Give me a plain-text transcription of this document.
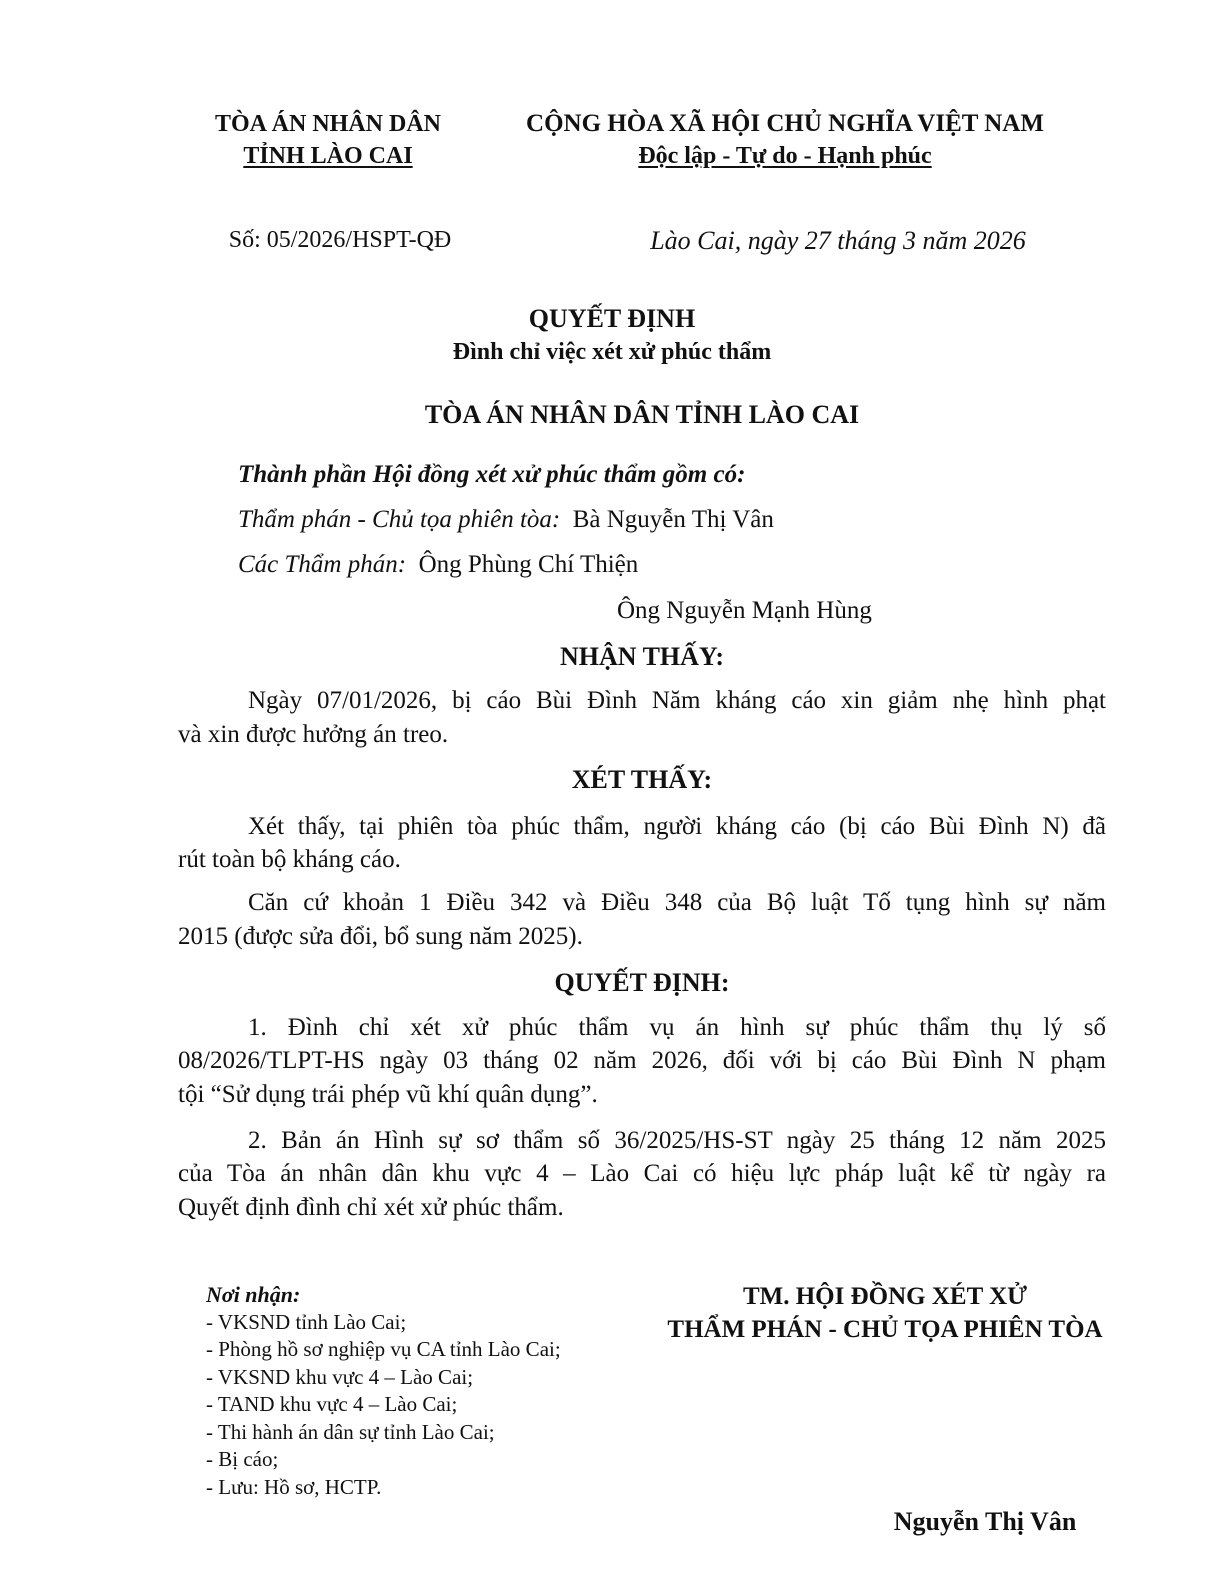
TÒA ÁN NHÂN DÂN
TỈNH LÀO CAI
CỘNG HÒA XÃ HỘI CHỦ NGHĨA VIỆT NAM
Độc lập - Tự do - Hạnh phúc
Số: 05/2026/HSPT-QĐ	Lào Cai, ngày 27 tháng 3 năm 2026
QUYẾT ĐỊNH
Đình chỉ việc xét xử phúc thẩm
TÒA ÁN NHÂN DÂN TỈNH LÀO CAI
Thành phần Hội đồng xét xử phúc thẩm gồm có:
Thẩm phán - Chủ tọa phiên tòa: Bà Nguyễn Thị Vân
Các Thẩm phán: Ông Phùng Chí Thiện
Ông Nguyễn Mạnh Hùng
NHẬN THẤY:
Ngày 07/01/2026, bị cáo Bùi Đình Năm kháng cáo xin giảm nhẹ hình phạt
và xin được hưởng án treo.
XÉT THẤY:
Xét thấy, tại phiên tòa phúc thẩm, người kháng cáo (bị cáo Bùi Đình N) đã
rút toàn bộ kháng cáo.
Căn cứ khoản 1 Điều 342 và Điều 348 của Bộ luật Tố tụng hình sự năm
2015 (được sửa đổi, bổ sung năm 2025).
QUYẾT ĐỊNH:
1. Đình chỉ xét xử phúc thẩm vụ án hình sự phúc thẩm thụ lý số
08/2026/TLPT-HS ngày 03 tháng 02 năm 2026, đối với bị cáo Bùi Đình N phạm
tội “Sử dụng trái phép vũ khí quân dụng”.
2. Bản án Hình sự sơ thẩm số 36/2025/HS-ST ngày 25 tháng 12 năm 2025
của Tòa án nhân dân khu vực 4 – Lào Cai có hiệu lực pháp luật kể từ ngày ra
Quyết định đình chỉ xét xử phúc thẩm.
Nơi nhận:
- VKSND tỉnh Lào Cai;
- Phòng hồ sơ nghiệp vụ CA tỉnh Lào Cai;
- VKSND khu vực 4 – Lào Cai;
- TAND khu vực 4 – Lào Cai;
- Thi hành án dân sự tỉnh Lào Cai;
- Bị cáo;
- Lưu: Hồ sơ, HCTP.
TM. HỘI ĐỒNG XÉT XỬ
THẨM PHÁN - CHỦ TỌA PHIÊN TÒA
Nguyễn Thị Vân
